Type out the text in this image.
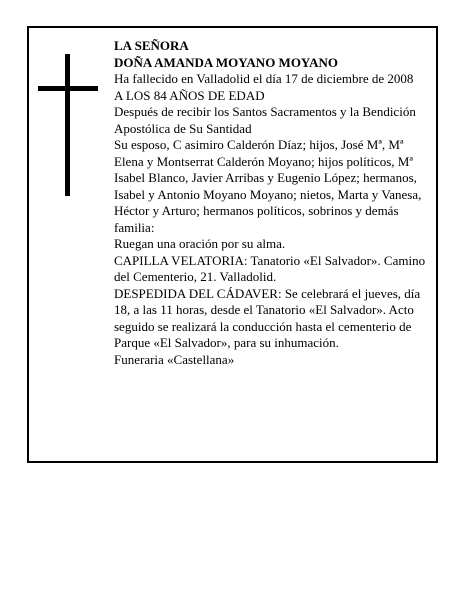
LA SEÑORA

DOÑA AMANDA MOYANO MOYANO

Ha fallecido en Valladolid el día 17 de diciembre de 2008

A LOS 84 AÑOS DE EDAD

Después de recibir los Santos Sacramentos y la Bendición Apostólica de Su Santidad

Su esposo, C asimiro Calderón Díaz; hijos, José Mª, Mª Elena y Montserrat Calderón Moyano; hijos políticos, Mª Isabel Blanco, Javier Arribas y Eugenio López; hermanos, Isabel y Antonio Moyano Moyano; nietos, Marta y Vanesa, Héctor y Arturo; hermanos políticos, sobrinos y demás familia:

Ruegan una oración por su alma.

CAPILLA VELATORIA: Tanatorio «El Salvador». Camino del Cementerio, 21. Valladolid.

DESPEDIDA DEL CÁDAVER: Se celebrará el jueves, día 18, a las 11 horas, desde el Tanatorio «El Salvador». Acto seguido se realizará la conducción hasta el cementerio de Parque «El Salvador», para su inhumación.

Funeraria «Castellana»
